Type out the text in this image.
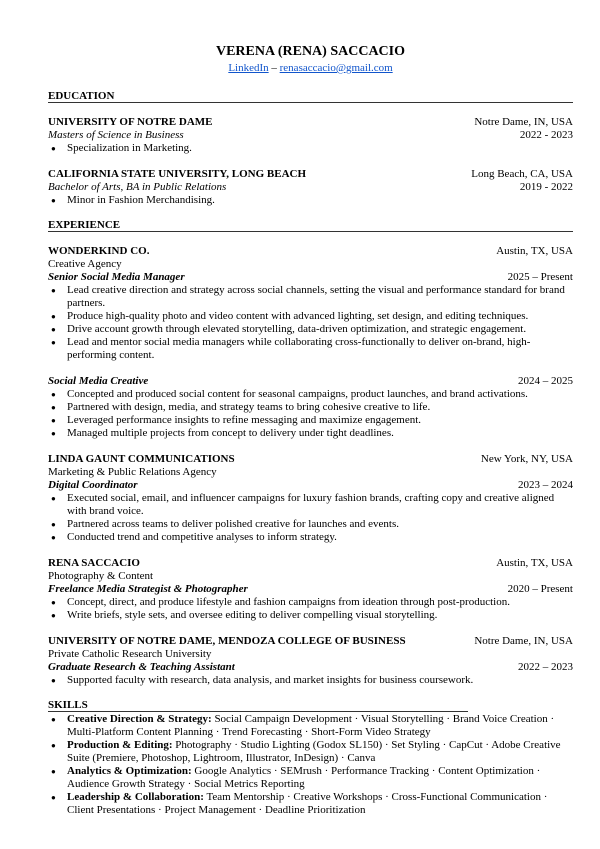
VERENA (RENA) SACCACIO
LinkedIn – renasaccacio@gmail.com
EDUCATION
UNIVERSITY OF NOTRE DAME	Notre Dame, IN, USA
Masters of Science in Business	2022 - 2023
● Specialization in Marketing.
CALIFORNIA STATE UNIVERSITY, LONG BEACH	Long Beach, CA, USA
Bachelor of Arts, BA in Public Relations	2019 - 2022
● Minor in Fashion Merchandising.
EXPERIENCE
WONDERKIND CO.	Austin, TX, USA
Creative Agency
Senior Social Media Manager	2025 – Present
● Lead creative direction and strategy across social channels, setting the visual and performance standard for brand partners.
● Produce high-quality photo and video content with advanced lighting, set design, and editing techniques.
● Drive account growth through elevated storytelling, data-driven optimization, and strategic engagement.
● Lead and mentor social media managers while collaborating cross-functionally to deliver on-brand, high-performing content.
Social Media Creative	2024 – 2025
● Concepted and produced social content for seasonal campaigns, product launches, and brand activations.
● Partnered with design, media, and strategy teams to bring cohesive creative to life.
● Leveraged performance insights to refine messaging and maximize engagement.
● Managed multiple projects from concept to delivery under tight deadlines.
LINDA GAUNT COMMUNICATIONS	New York, NY, USA
Marketing & Public Relations Agency
Digital Coordinator	2023 – 2024
● Executed social, email, and influencer campaigns for luxury fashion brands, crafting copy and creative aligned with brand voice.
● Partnered across teams to deliver polished creative for launches and events.
● Conducted trend and competitive analyses to inform strategy.
RENA SACCACIO	Austin, TX, USA
Photography & Content
Freelance Media Strategist & Photographer	2020 – Present
● Concept, direct, and produce lifestyle and fashion campaigns from ideation through post-production.
● Write briefs, style sets, and oversee editing to deliver compelling visual storytelling.
UNIVERSITY OF NOTRE DAME, MENDOZA COLLEGE OF BUSINESS	Notre Dame, IN, USA
Private Catholic Research University
Graduate Research & Teaching Assistant	2022 – 2023
● Supported faculty with research, data analysis, and market insights for business coursework.
SKILLS
● Creative Direction & Strategy: Social Campaign Development · Visual Storytelling · Brand Voice Creation · Multi-Platform Content Planning · Trend Forecasting · Short-Form Video Strategy
● Production & Editing: Photography · Studio Lighting (Godox SL150) · Set Styling · CapCut · Adobe Creative Suite (Premiere, Photoshop, Lightroom, Illustrator, InDesign) · Canva
● Analytics & Optimization: Google Analytics · SEMrush · Performance Tracking · Content Optimization · Audience Growth Strategy · Social Metrics Reporting
● Leadership & Collaboration: Team Mentorship · Creative Workshops · Cross-Functional Communication · Client Presentations · Project Management · Deadline Prioritization
